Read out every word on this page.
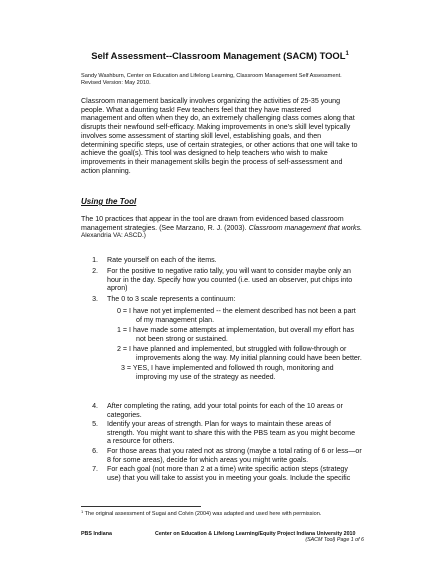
Self Assessment--Classroom Management (SACM) TOOL$^1$
Sandy Washburn, Center on Education and Lifelong Learning, Classroom Management Self Assessment.
Revised Version: May 2010.
Classroom management basically involves organizing the activities of 25-35 young
people. What a daunting task! Few teachers feel that they have mastered
management and often when they do, an extremely challenging class comes along that
disrupts their newfound self-efficacy. Making improvements in one’s skill level typically
involves some assessment of starting skill level, establishing goals, and then
determining specific steps, use of certain strategies, or other actions that one will take to
achieve the goal(s). This tool was designed to help teachers who wish to make
improvements in their management skills begin the process of self-assessment and
action planning.
Using the Tool
The 10 practices that appear in the tool are drawn from evidenced based classroom
management strategies. (See Marzano, R. J. (2003). Classroom management that works.
Alexandria VA: ASCD.)
1. Rate yourself on each of the items.
2. For the positive to negative ratio tally, you will want to consider maybe only an
hour in the day. Specify how you counted (i.e. used an observer, put chips into
apron)
3. The 0 to 3 scale represents a continuum:
0 = I have not yet implemented -- the element described has not been a part
of my management plan.
1 = I have made some attempts at implementation, but overall my effort has
not been strong or sustained.
2 = I have planned and implemented, but struggled with follow-through or
improvements along the way. My initial planning could have been better.
3 = YES, I have implemented and followed th rough, monitoring and
improving my use of the strategy as needed.
4. After completing the rating, add your total points for each of the 10 areas or
categories.
5. Identify your areas of strength. Plan for ways to maintain these areas of
strength. You might want to share this with the PBS team as you might become
a resource for others.
6. For those areas that you rated not as strong (maybe a total rating of 6 or less—or
8 for some areas), decide for which areas you might write goals.
7. For each goal (not more than 2 at a time) write specific action steps (strategy
use) that you will take to assist you in meeting your goals. Include the specific
$^1$ The original assessment of Sugai and Colvin (2004) was adapted and used here with permission.
PBS Indiana	Center on Education & Lifelong Learning/Equity Project Indiana University 2010
(SACM Tool) Page 1 of 6
